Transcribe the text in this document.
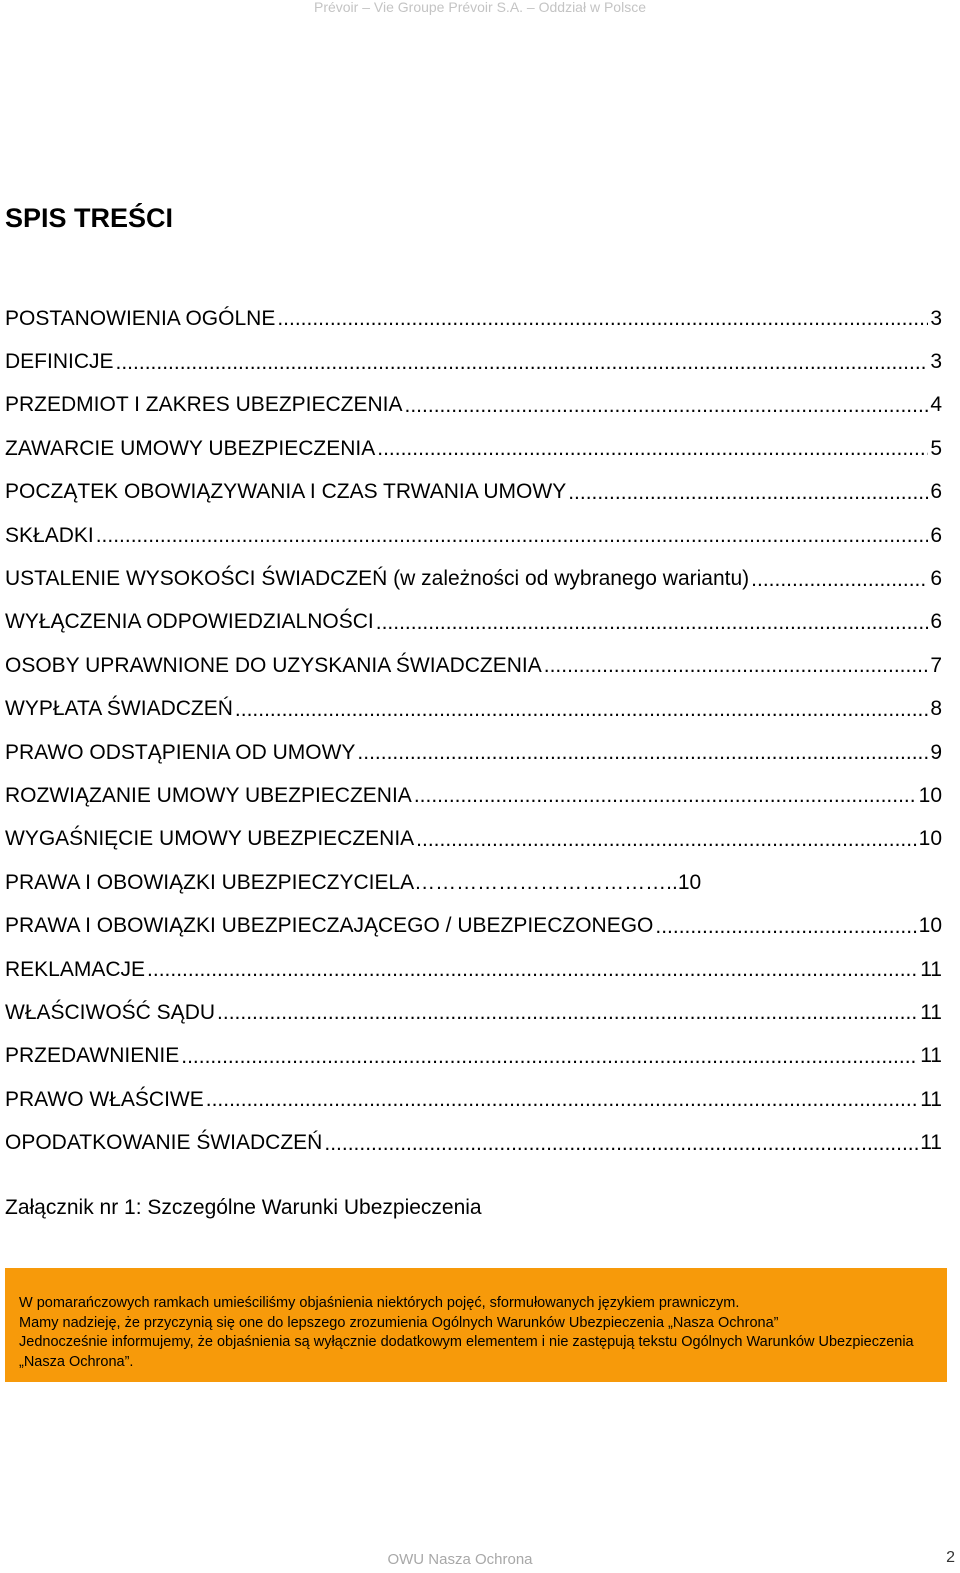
Prévoir – Vie Groupe Prévoir S.A. – Oddział w Polsce
SPIS TREŚCI
POSTANOWIENIA OGÓLNE .....	3
DEFINICJE .....	3
PRZEDMIOT I ZAKRES UBEZPIECZENIA .....	4
ZAWARCIE UMOWY UBEZPIECZENIA .....	5
POCZĄTEK OBOWIĄZYWANIA I CZAS TRWANIA UMOWY .....	6
SKŁADKI .....	6
USTALENIE WYSOKOŚCI ŚWIADCZEŃ (w zależności od wybranego wariantu) .....	6
WYŁĄCZENIA ODPOWIEDZIALNOŚCI .....	6
OSOBY UPRAWNIONE DO UZYSKANIA ŚWIADCZENIA .....	7
WYPŁATA ŚWIADCZEŃ .....	8
PRAWO ODSTĄPIENIA OD UMOWY .....	9
ROZWIĄZANIE UMOWY UBEZPIECZENIA .....	10
WYGAŚNIĘCIE UMOWY UBEZPIECZENIA .....	10
PRAWA I OBOWIĄZKI UBEZPIECZYCIELA……………………………….. 10
PRAWA I OBOWIĄZKI UBEZPIECZAJĄCEGO / UBEZPIECZONEGO .....	10
REKLAMACJE .....	11
WŁAŚCIWOŚĆ SĄDU .....	11
PRZEDAWNIENIE .....	11
PRAWO WŁAŚCIWE .....	11
OPODATKOWANIE ŚWIADCZEŃ .....	11
Załącznik nr 1: Szczególne Warunki Ubezpieczenia

W pomarańczowych ramkach umieściliśmy objaśnienia niektórych pojęć, sformułowanych językiem prawniczym.

Mamy nadzieję, że przyczynią się one do lepszego zrozumienia Ogólnych Warunków Ubezpieczenia „Nasza Ochrona”

Jednocześnie informujemy, że objaśnienia są wyłącznie dodatkowym elementem i nie zastępują tekstu Ogólnych Warunków Ubezpieczenia „Nasza Ochrona”.

OWU Nasza Ochrona	2
